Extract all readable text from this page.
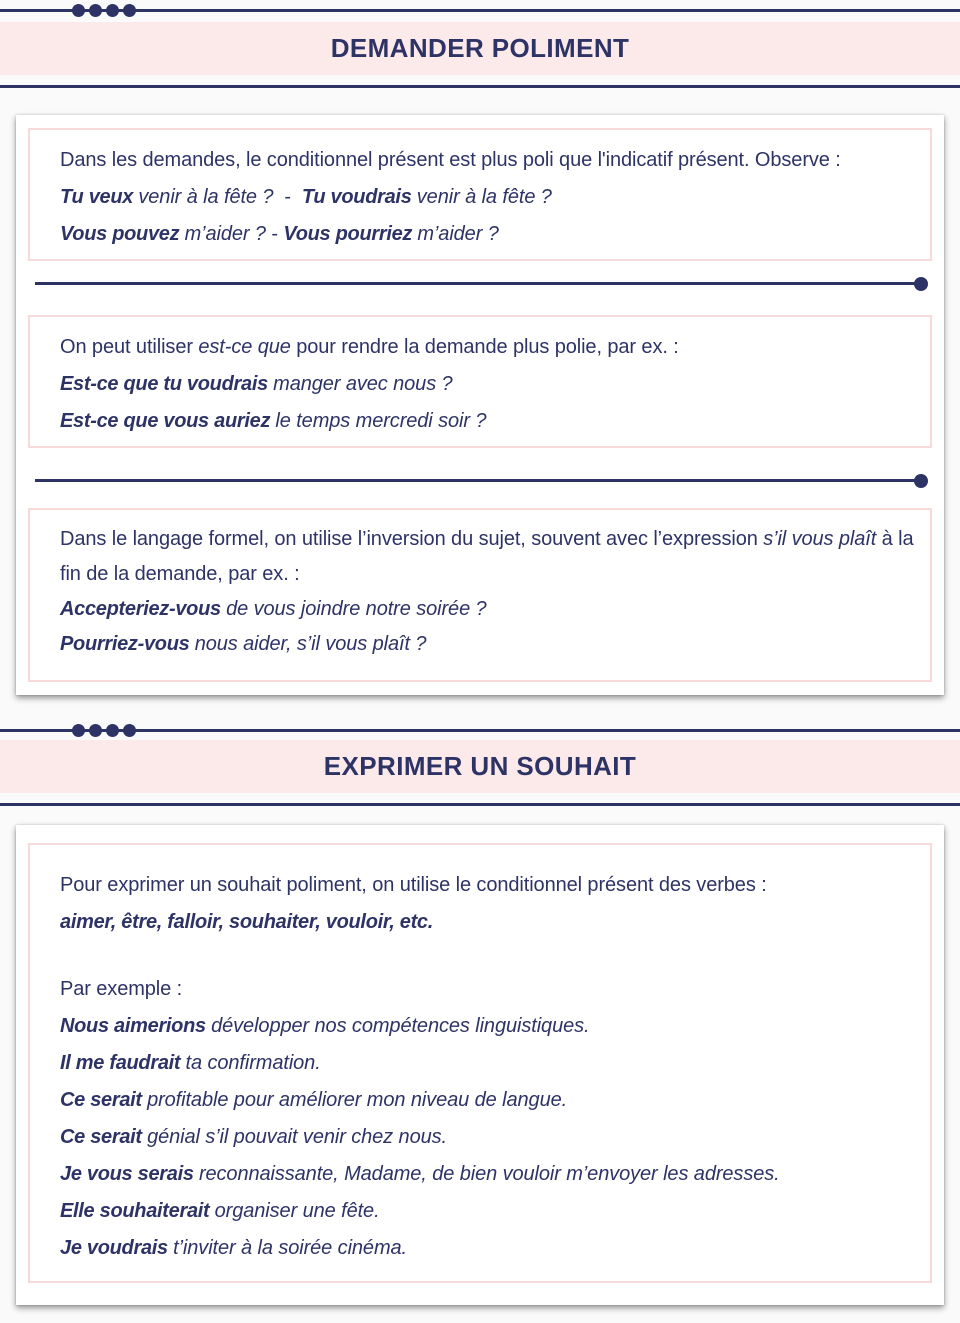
DEMANDER POLIMENT

Dans les demandes, le conditionnel présent est plus poli que l'indicatif présent. Observe :

Tu veux venir à la fête ?  -  Tu voudrais venir à la fête ?

Vous pouvez m’aider ? - Vous pourriez m’aider ?

On peut utiliser est-ce que pour rendre la demande plus polie, par ex. :

Est-ce que tu voudrais manger avec nous ?

Est-ce que vous auriez le temps mercredi soir ?

Dans le langage formel, on utilise l’inversion du sujet, souvent avec l’expression s’il vous plaît à la fin de la demande, par ex. :

Accepteriez-vous de vous joindre notre soirée ?

Pourriez-vous nous aider, s’il vous plaît ?

EXPRIMER UN SOUHAIT

Pour exprimer un souhait poliment, on utilise le conditionnel présent des verbes :

aimer, être, falloir, souhaiter, vouloir, etc.

Par exemple :

Nous aimerions développer nos compétences linguistiques.

Il me faudrait ta confirmation.

Ce serait profitable pour améliorer mon niveau de langue.

Ce serait génial s’il pouvait venir chez nous.

Je vous serais reconnaissante, Madame, de bien vouloir m’envoyer les adresses.

Elle souhaiterait organiser une fête.

Je voudrais t’inviter à la soirée cinéma.
